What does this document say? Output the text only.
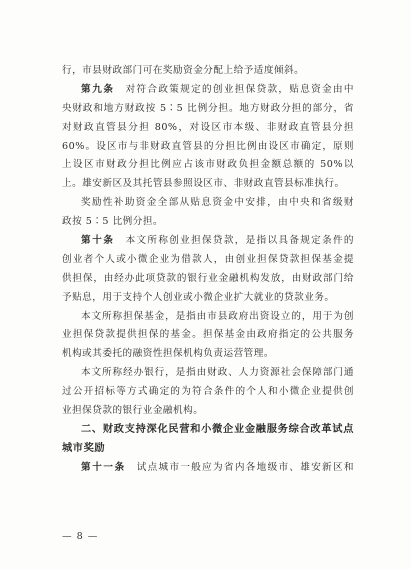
行，市县财政部门可在奖励资金分配上给予适度倾斜。
第九条　对符合政策规定的创业担保贷款，贴息资金由中
央财政和地方财政按 5∶5 比例分担。地方财政分担的部分，省
对财政直管县分担 80%，对设区市本级、非财政直管县分担
60%。设区市与非财政直管县的分担比例由设区市确定，原则
上设区市财政分担比例应占该市财政负担金额总额的 50%以
上。雄安新区及其托管县参照设区市、非财政直管县标准执行。
奖励性补助资金全部从贴息资金中安排，由中央和省级财
政按 5∶5 比例分担。
第十条　本文所称创业担保贷款，是指以具备规定条件的
创业者个人或小微企业为借款人，由创业担保贷款担保基金提
供担保，由经办此项贷款的银行业金融机构发放，由财政部门给
予贴息，用于支持个人创业或小微企业扩大就业的贷款业务。
本文所称担保基金，是指由市县政府出资设立的，用于为创
业担保贷款提供担保的基金。担保基金由政府指定的公共服务
机构或其委托的融资性担保机构负责运营管理。
本文所称经办银行，是指由财政、人力资源社会保障部门通
过公开招标等方式确定的为符合条件的个人和小微企业提供创
业担保贷款的银行业金融机构。
二、财政支持深化民营和小微企业金融服务综合改革试点
城市奖励
第十一条　试点城市一般应为省内各地级市、雄安新区和
— 8 —
